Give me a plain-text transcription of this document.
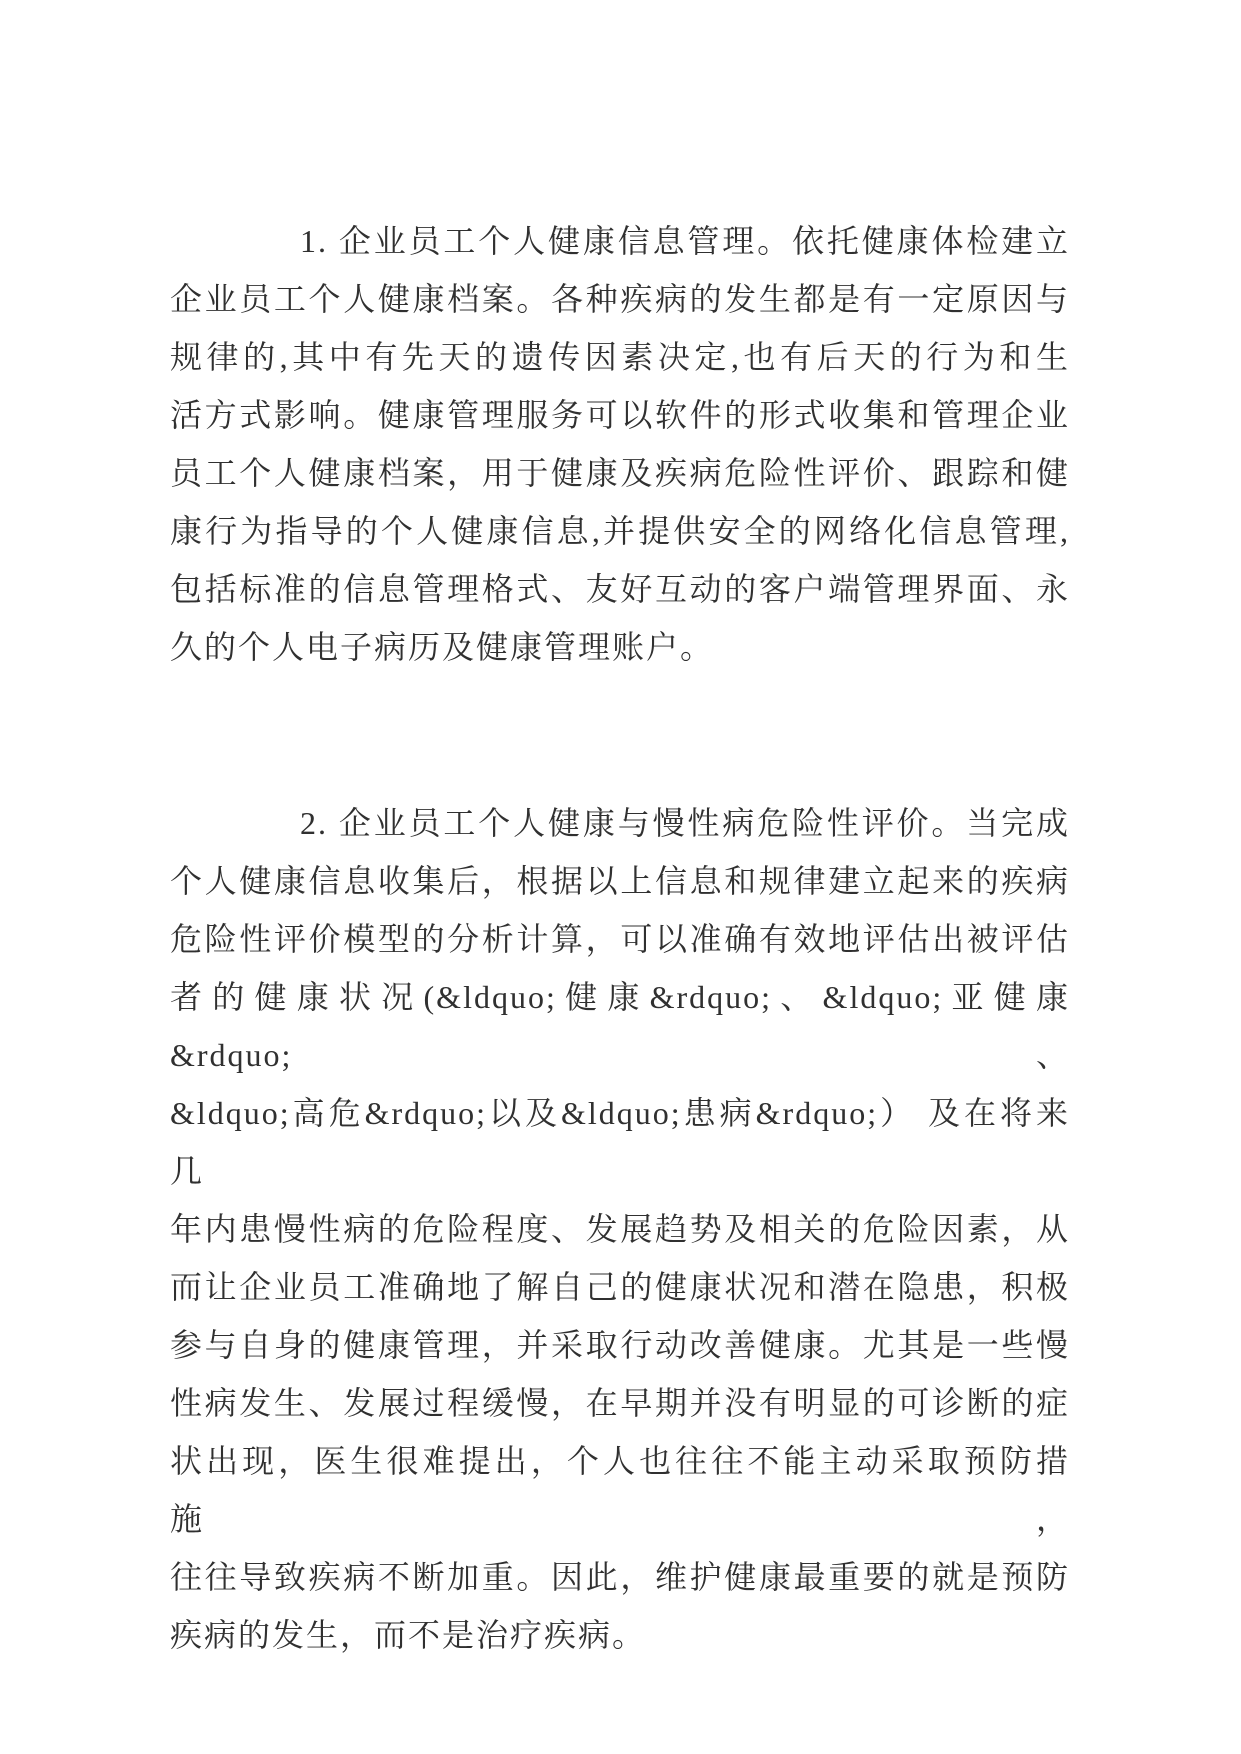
1. 企业员工个人健康信息管理。依托健康体检建立
企业员工个人健康档案。各种疾病的发生都是有一定原因与
规律的,其中有先天的遗传因素决定,也有后天的行为和生
活方式影响。健康管理服务可以软件的形式收集和管理企业
员工个人健康档案，用于健康及疾病危险性评价、跟踪和健
康行为指导的个人健康信息,并提供安全的网络化信息管理,
包括标准的信息管理格式、友好互动的客户端管理界面、永
久的个人电子病历及健康管理账户。
2. 企业员工个人健康与慢性病危险性评价。当完成
个人健康信息收集后，根据以上信息和规律建立起来的疾病
危险性评价模型的分析计算，可以准确有效地评估出被评估
者的健康状况(&ldquo;健康&rdquo;、&ldquo;亚健康&rdquo;、
&ldquo;高危&rdquo;以及&ldquo;患病&rdquo;） 及在将来几
年内患慢性病的危险程度、发展趋势及相关的危险因素，从
而让企业员工准确地了解自己的健康状况和潜在隐患，积极
参与自身的健康管理，并采取行动改善健康。尤其是一些慢
性病发生、发展过程缓慢，在早期并没有明显的可诊断的症
状出现，医生很难提出，个人也往往不能主动采取预防措施，
往往导致疾病不断加重。因此，维护健康最重要的就是预防
疾病的发生，而不是治疗疾病。
